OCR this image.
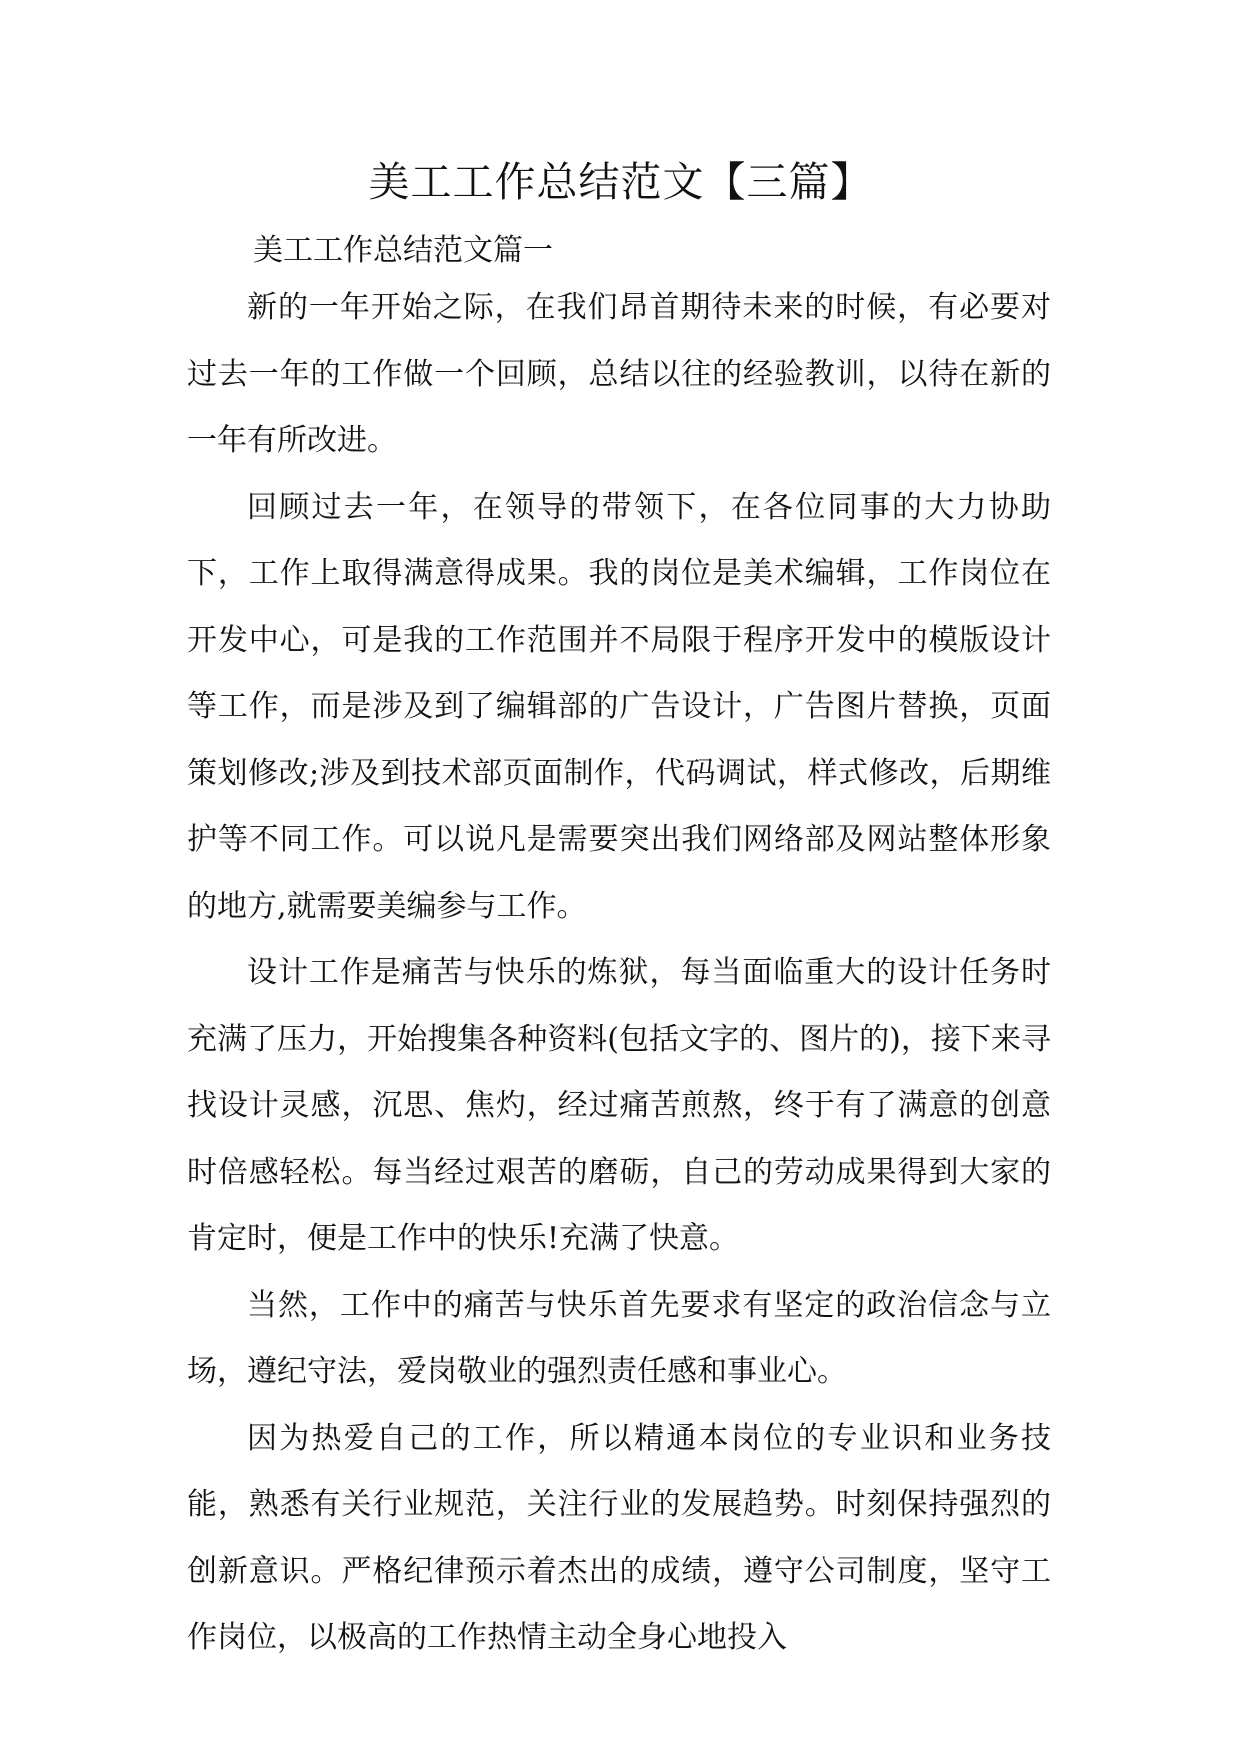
美工工作总结范文【三篇】
美工工作总结范文篇一

新的一年开始之际，在我们昂首期待未来的时候，有必要对过去一年的工作做一个回顾，总结以往的经验教训，以待在新的一年有所改进。

回顾过去一年，在领导的带领下，在各位同事的大力协助下，工作上取得满意得成果。我的岗位是美术编辑，工作岗位在开发中心，可是我的工作范围并不局限于程序开发中的模版设计等工作，而是涉及到了编辑部的广告设计，广告图片替换，页面策划修改;涉及到技术部页面制作，代码调试，样式修改，后期维护等不同工作。可以说凡是需要突出我们网络部及网站整体形象的地方,就需要美编参与工作。

设计工作是痛苦与快乐的炼狱，每当面临重大的设计任务时充满了压力，开始搜集各种资料(包括文字的、图片的)，接下来寻找设计灵感，沉思、焦灼，经过痛苦煎熬，终于有了满意的创意时倍感轻松。每当经过艰苦的磨砺，自己的劳动成果得到大家的肯定时，便是工作中的快乐!充满了快意。

当然，工作中的痛苦与快乐首先要求有坚定的政治信念与立场，遵纪守法，爱岗敬业的强烈责任感和事业心。

因为热爱自己的工作，所以精通本岗位的专业识和业务技能，熟悉有关行业规范，关注行业的发展趋势。时刻保持强烈的创新意识。严格纪律预示着杰出的成绩，遵守公司制度，坚守工作岗位，以极高的工作热情主动全身心地投入
